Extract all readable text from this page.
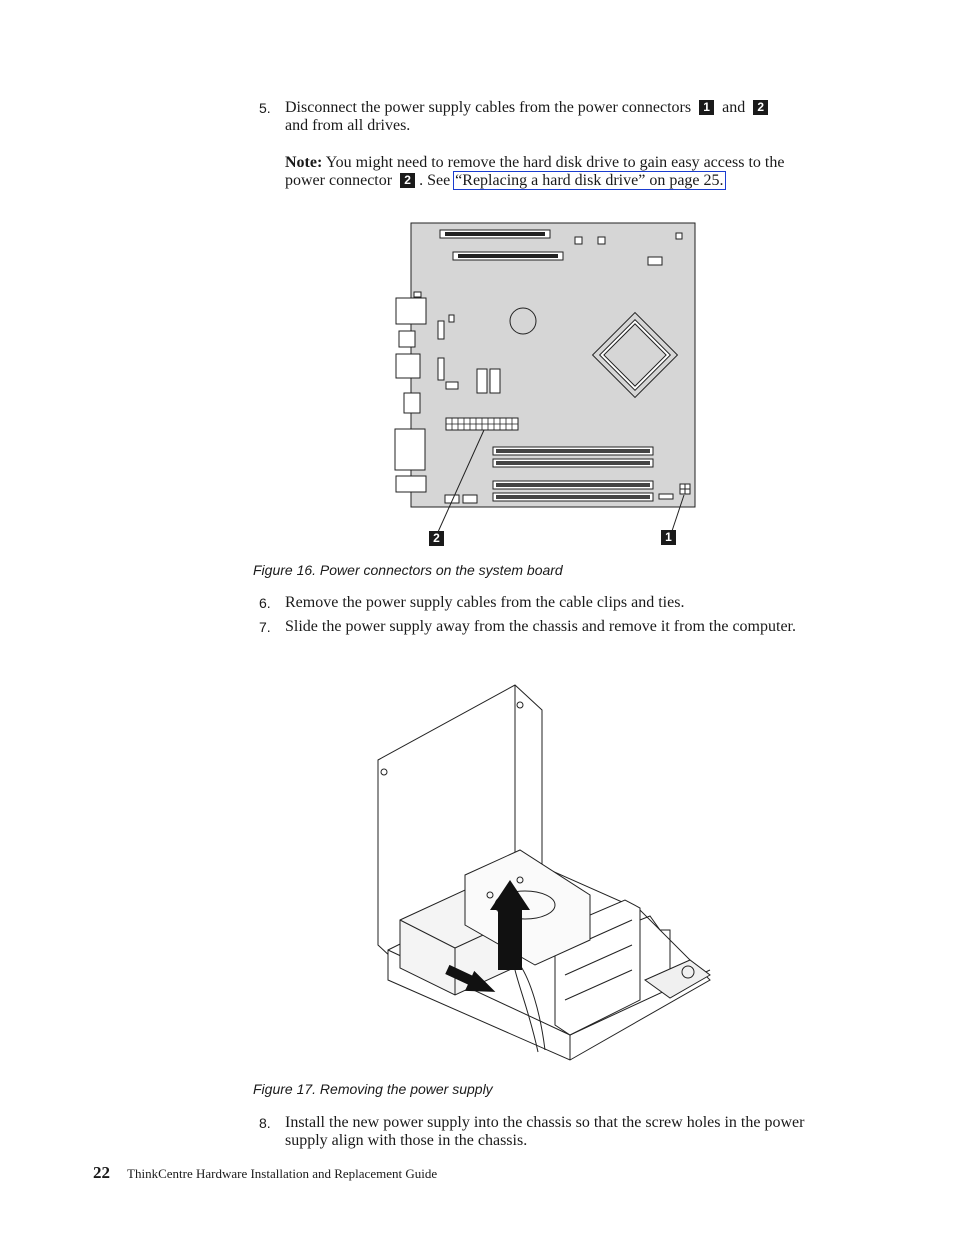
5. Disconnect the power supply cables from the power connectors 1 and 2
and from all drives.
Note: You might need to remove the hard disk drive to gain easy access to the power connector 2 . See “Replacing a hard disk drive” on page 25.
2	1
Figure 16. Power connectors on the system board
6. Remove the power supply cables from the cable clips and ties.
7. Slide the power supply away from the chassis and remove it from the computer.
Figure 17. Removing the power supply
8. Install the new power supply into the chassis so that the screw holes in the power supply align with those in the chassis.
22 ThinkCentre Hardware Installation and Replacement Guide
